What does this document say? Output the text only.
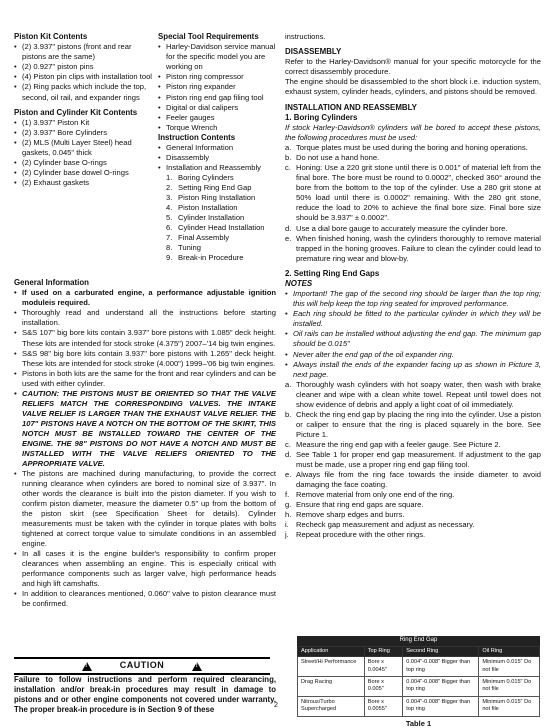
Piston Kit Contents

• (2) 3.937" pistons (front and rear pistons are the same)
• (2) 0.927" piston pins
• (4) Piston pin clips with installation tool
• (2) Ring packs which include the top, second, oil rail, and expander rings

Piston and Cylinder Kit Contents

• (1) 3.937" Piston Kit
• (2) 3.937" Bore Cylinders
• (2) MLS (Multi Layer Steel) head gaskets, 0.045" thick
• (2) Cylinder base O-rings
• (2) Cylinder base dowel O-rings
• (2) Exhaust gaskets

Special Tool Requirements

• Harley-Davidson service manual for the specific model you are working on
• Piston ring compressor
• Piston ring expander
• Piston ring end gap filing tool
• Digital or dial calipers
• Feeler gauges
• Torque Wrench

Instruction Contents

• General Information
• Disassembly
• Installation and Reassembly
1. Boring Cylinders
2. Setting Ring End Gap
3. Piston Ring Installation
4. Piston Installation
5. Cylinder Installation
6. Cylinder Head Installation
7. Final Assembly
8. Tuning
9. Break-in Procedure

General Information

• If used on a carburated engine, a performance adjustable ignition moduleis required.
• Thoroughly read and understand all the instructions before starting installation.
• S&S 107" big bore kits contain 3.937" bore pistons with 1.085" deck height. These kits are intended for stock stroke (4.375") 2007–'14 big twin engines.
• S&S 98" big bore kits contain 3.937" bore pistons with 1.265" deck height. These kits are intended for stock stroke (4.000") 1999–'06 big twin engines.
• Pistons in both kits are the same for the front and rear cylinders and can be used with either cylinder.
• CAUTION: THE PISTONS MUST BE ORIENTED SO THAT THE VALVE RELIEFS MATCH THE CORRESPONDING VALVES. THE INTAKE VALVE RELIEF IS LARGER THAN THE EXHAUST VALVE RELIEF. THE 107" PISTONS HAVE A NOTCH ON THE BOTTOM OF THE SKIRT, THIS NOTCH MUST BE INSTALLED TOWARD THE CENTER OF THE ENGINE. THE 98" PISTONS DO NOT HAVE A NOTCH AND MUST BE INSTALLED WITH THE VALVE RELIEFS ORIENTED TO THE APPROPRIATE VALVE.
• The pistons are machined during manufacturing, to provide the correct running clearance when cylinders are bored to nominal size of 3.937". In other words the clearance is built into the piston diameter. If you wish to confirm piston diameter, measure the diameter 0.5" up from the bottom of the piston skirt (see Specification Sheet for details). Cylinder measurements must be taken with the cylinder in torque plates with bolts tightened at correct torque value to simulate conditions in an assembled engine.
• In all cases it is the engine builder's responsibility to confirm proper clearances when assembling an engine. This is especially critical with performance components such as larger valve, high performance heads and high lift camshafts.
• In addition to clearances mentioned, 0.060" valve to piston clearance must be confirmed.
!
CAUTION
!

Failure to follow instructions and perform required clearancing, installation and/or break-in procedures may result in damage to pistons and or other engine components not covered under warranty. The proper break-in procedure is in Section 9 of these	2

instructions.

DISASSEMBLY

Refer to the Harley-Davidson® manual for your specific motorcycle for the correct disassembly procedure.

The engine should be disassembled to the short block i.e. induction system, exhaust system, cylinder heads, cylinders, and pistons should be removed.

INSTALLATION AND REASSEMBLY

1. Boring Cylinders

If stock Harley-Davidson® cylinders will be bored to accept these pistons, the following procedures must be used:

a. Torque plates must be used during the boring and honing operations.
b. Do not use a hand hone.
c. Honing: Use a 220 grit stone until there is 0.001" of material left from the final bore. The bore must be round to 0.0002", checked 360° around the bore from the bottom to the top of the cylinder. Use a 280 grit stone at 50% load until there is 0.0002" remaining. With the 280 grit stone, reduce the load to 20% to achieve the final bore size. Final bore size should be 3.937" ± 0.0002".
d. Use a dial bore gauge to accurately measure the cylinder bore.
e. When finished honing, wash the cylinders thoroughly to remove material trapped in the honing grooves. Failure to clean the cylinder could lead to premature ring wear and blow-by.

2. Setting Ring End Gaps

NOTES

• Important! The gap of the second ring should be larger than the top ring; this will help keep the top ring seated for improved performance.
• Each ring should be fitted to the particular cylinder in which they will be installed.
• Oil rails can be installed without adjusting the end gap. The minimum gap should be 0.015"
• Never alter the end gap of the oil expander ring.
• Always install the ends of the expander facing up as shown in Picture 3, next page.
a. Thoroughly wash cylinders with hot soapy water, then wash with brake cleaner and wipe with a clean white towel. Repeat until towel does not show evidence of debris and apply a light coat of oil immediately.
b. Check the ring end gap by placing the ring into the cylinder. Use a piston or caliper to ensure that the ring is placed squarely in the bore. See Picture 1.
c. Measure the ring end gap with a feeler gauge. See Picture 2.
d. See Table 1 for proper end gap measurement. If adjustment to the gap must be made, use a proper ring end gap filing tool.
e. Always file from the ring face towards the inside diameter to avoid damaging the face coating.
f. Remove material from only one end of the ring.
g. Ensure that ring end gaps are square.
h. Remove sharp edges and burrs.
i. Recheck gap measurement and adjust as necessary.
j. Repeat procedure with the other rings.
Ring End Gap
Application	Top Ring	Second Ring	Oil Ring
Street/Hi Performance	Bore x 0.0045"	0.004"-0.008" Bigger than top ring	Minimum 0.015" Do not file
Drag Racing	Bore x 0.005"	0.004"-0.008" Bigger than top ring	Minimum 0.015" Do not file
Nitrous/Turbo Supercharged	Bore x 0.0055"	0.004"-0.008" Bigger than top ring	Minimum 0.015" Do not file
Table 1
